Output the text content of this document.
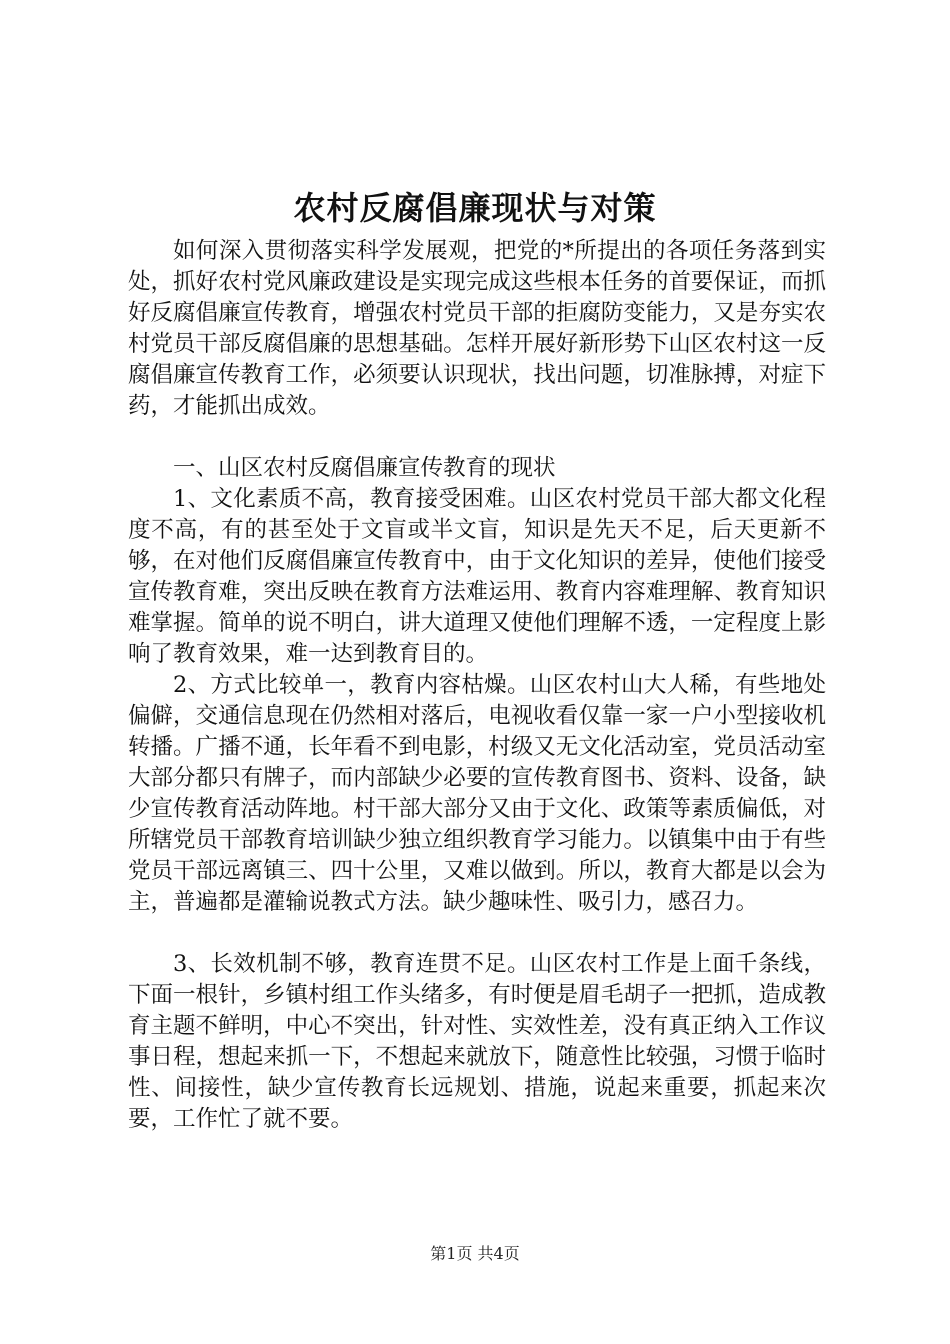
农村反腐倡廉现状与对策

如何深入贯彻落实科学发展观，把党的*所提出的各项任务落到实处，抓好农村党风廉政建设是实现完成这些根本任务的首要保证，而抓好反腐倡廉宣传教育，增强农村党员干部的拒腐防变能力，又是夯实农村党员干部反腐倡廉的思想基础。怎样开展好新形势下山区农村这一反腐倡廉宣传教育工作，必须要认识现状，找出问题，切准脉搏，对症下药，才能抓出成效。

一、山区农村反腐倡廉宣传教育的现状

1、文化素质不高，教育接受困难。山区农村党员干部大都文化程度不高，有的甚至处于文盲或半文盲，知识是先天不足，后天更新不够，在对他们反腐倡廉宣传教育中，由于文化知识的差异，使他们接受宣传教育难，突出反映在教育方法难运用、教育内容难理解、教育知识难掌握。简单的说不明白，讲大道理又使他们理解不透，一定程度上影响了教育效果，难一达到教育目的。

2、方式比较单一，教育内容枯燥。山区农村山大人稀，有些地处偏僻，交通信息现在仍然相对落后，电视收看仅靠一家一户小型接收机转播。广播不通，长年看不到电影，村级又无文化活动室，党员活动室大部分都只有牌子，而内部缺少必要的宣传教育图书、资料、设备，缺少宣传教育活动阵地。村干部大部分又由于文化、政策等素质偏低，对所辖党员干部教育培训缺少独立组织教育学习能力。以镇集中由于有些党员干部远离镇三、四十公里，又难以做到。所以，教育大都是以会为主，普遍都是灌输说教式方法。缺少趣味性、吸引力，感召力。

3、长效机制不够，教育连贯不足。山区农村工作是上面千条线，下面一根针，乡镇村组工作头绪多，有时便是眉毛胡子一把抓，造成教育主题不鲜明，中心不突出，针对性、实效性差，没有真正纳入工作议事日程，想起来抓一下，不想起来就放下，随意性比较强，习惯于临时性、间接性，缺少宣传教育长远规划、措施，说起来重要，抓起来次要，工作忙了就不要。

第1页 共4页
